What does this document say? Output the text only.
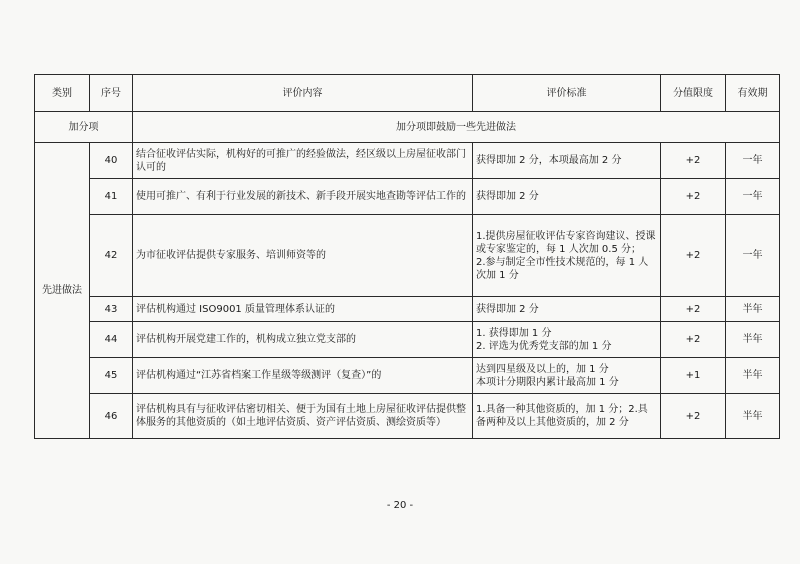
类别	序号	评价内容	评价标准	分值限度	有效期
加分项		加分项即鼓励一些先进做法			
先进做法	40	结合征收评估实际，机构好的可推广的经验做法，经区级以上房屋征收部门认可的	获得即加 2 分，本项最高加 2 分	+2	一年
	41	使用可推广、有利于行业发展的新技术、新手段开展实地查勘等评估工作的	获得即加 2 分	+2	一年
	42	为市征收评估提供专家服务、培训师资等的	1.提供房屋征收评估专家咨询建议、授课或专家鉴定的，每 1 人次加 0.5 分；
2.参与制定全市性技术规范的，每 1 人次加 1 分	+2	一年
	43	评估机构通过 ISO9001 质量管理体系认证的	获得即加 2 分	+2	半年
	44	评估机构开展党建工作的，机构成立独立党支部的	1. 获得即加 1 分
2. 评选为优秀党支部的加 1 分	+2	半年
	45	评估机构通过“江苏省档案工作星级等级测评（复查）”的	达到四星级及以上的，加 1 分
本项计分期限内累计最高加 1 分	+1	半年
	46	评估机构具有与征收评估密切相关、便于为国有土地上房屋征收评估提供整体服务的其他资质的（如土地评估资质、资产评估资质、测绘资质等）	1.具备一种其他资质的，加 1 分；2.具备两种及以上其他资质的，加 2 分	+2	半年
- 20 -
